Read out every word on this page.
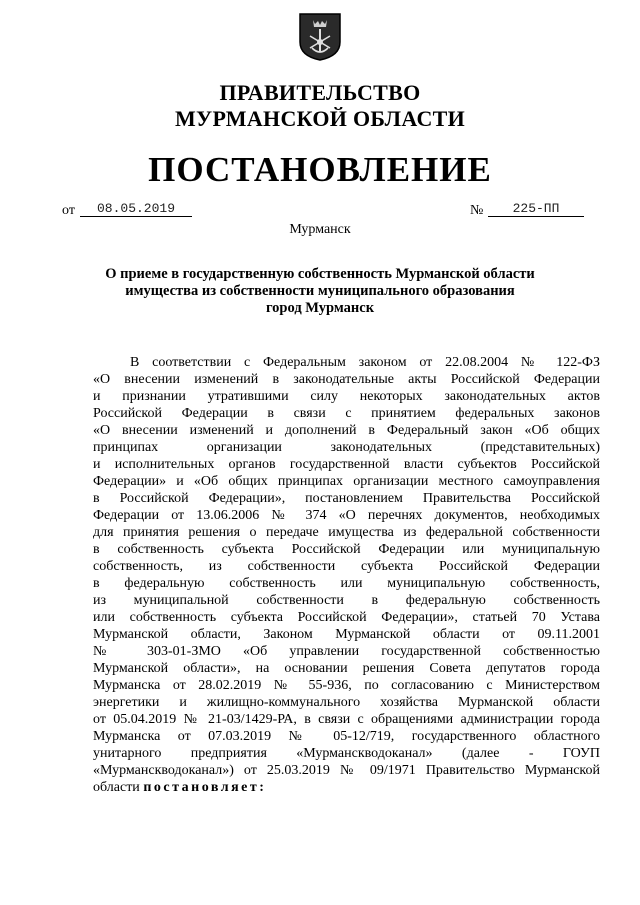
ПРАВИТЕЛЬСТВО
МУРМАНСКОЙ ОБЛАСТИ
ПОСТАНОВЛЕНИЕ
от	08.05.2019	№	225-ПП
Мурманск
О приеме в государственную собственность Мурманской области
имущества из собственности муниципального образования
город Мурманск
В соответствии с Федеральным законом от 22.08.2004 № 122-ФЗ
«О внесении изменений в законодательные акты Российской Федерации
и признании утратившими силу некоторых законодательных актов
Российской Федерации в связи с принятием федеральных законов
«О внесении изменений и дополнений в Федеральный закон «Об общих
принципах организации законодательных (представительных)
и исполнительных органов государственной власти субъектов Российской
Федерации» и «Об общих принципах организации местного самоуправления
в Российской Федерации», постановлением Правительства Российской
Федерации от 13.06.2006 № 374 «О перечнях документов, необходимых
для принятия решения о передаче имущества из федеральной собственности
в собственность субъекта Российской Федерации или муниципальную
собственность, из собственности субъекта Российской Федерации
в федеральную собственность или муниципальную собственность,
из муниципальной собственности в федеральную собственность
или собственность субъекта Российской Федерации», статьей 70 Устава
Мурманской области, Законом Мурманской области от 09.11.2001
№ 303-01-ЗМО «Об управлении государственной собственностью
Мурманской области», на основании решения Совета депутатов города
Мурманска от 28.02.2019 № 55-936, по согласованию с Министерством
энергетики и жилищно-коммунального хозяйства Мурманской области
от 05.04.2019 № 21-03/1429-РА, в связи с обращениями администрации города
Мурманска от 07.03.2019 № 05-12/719, государственного областного
унитарного предприятия «Мурманскводоканал» (далее - ГОУП
«Мурманскводоканал») от 25.03.2019 № 09/1971 Правительство Мурманской
области постановляет:
